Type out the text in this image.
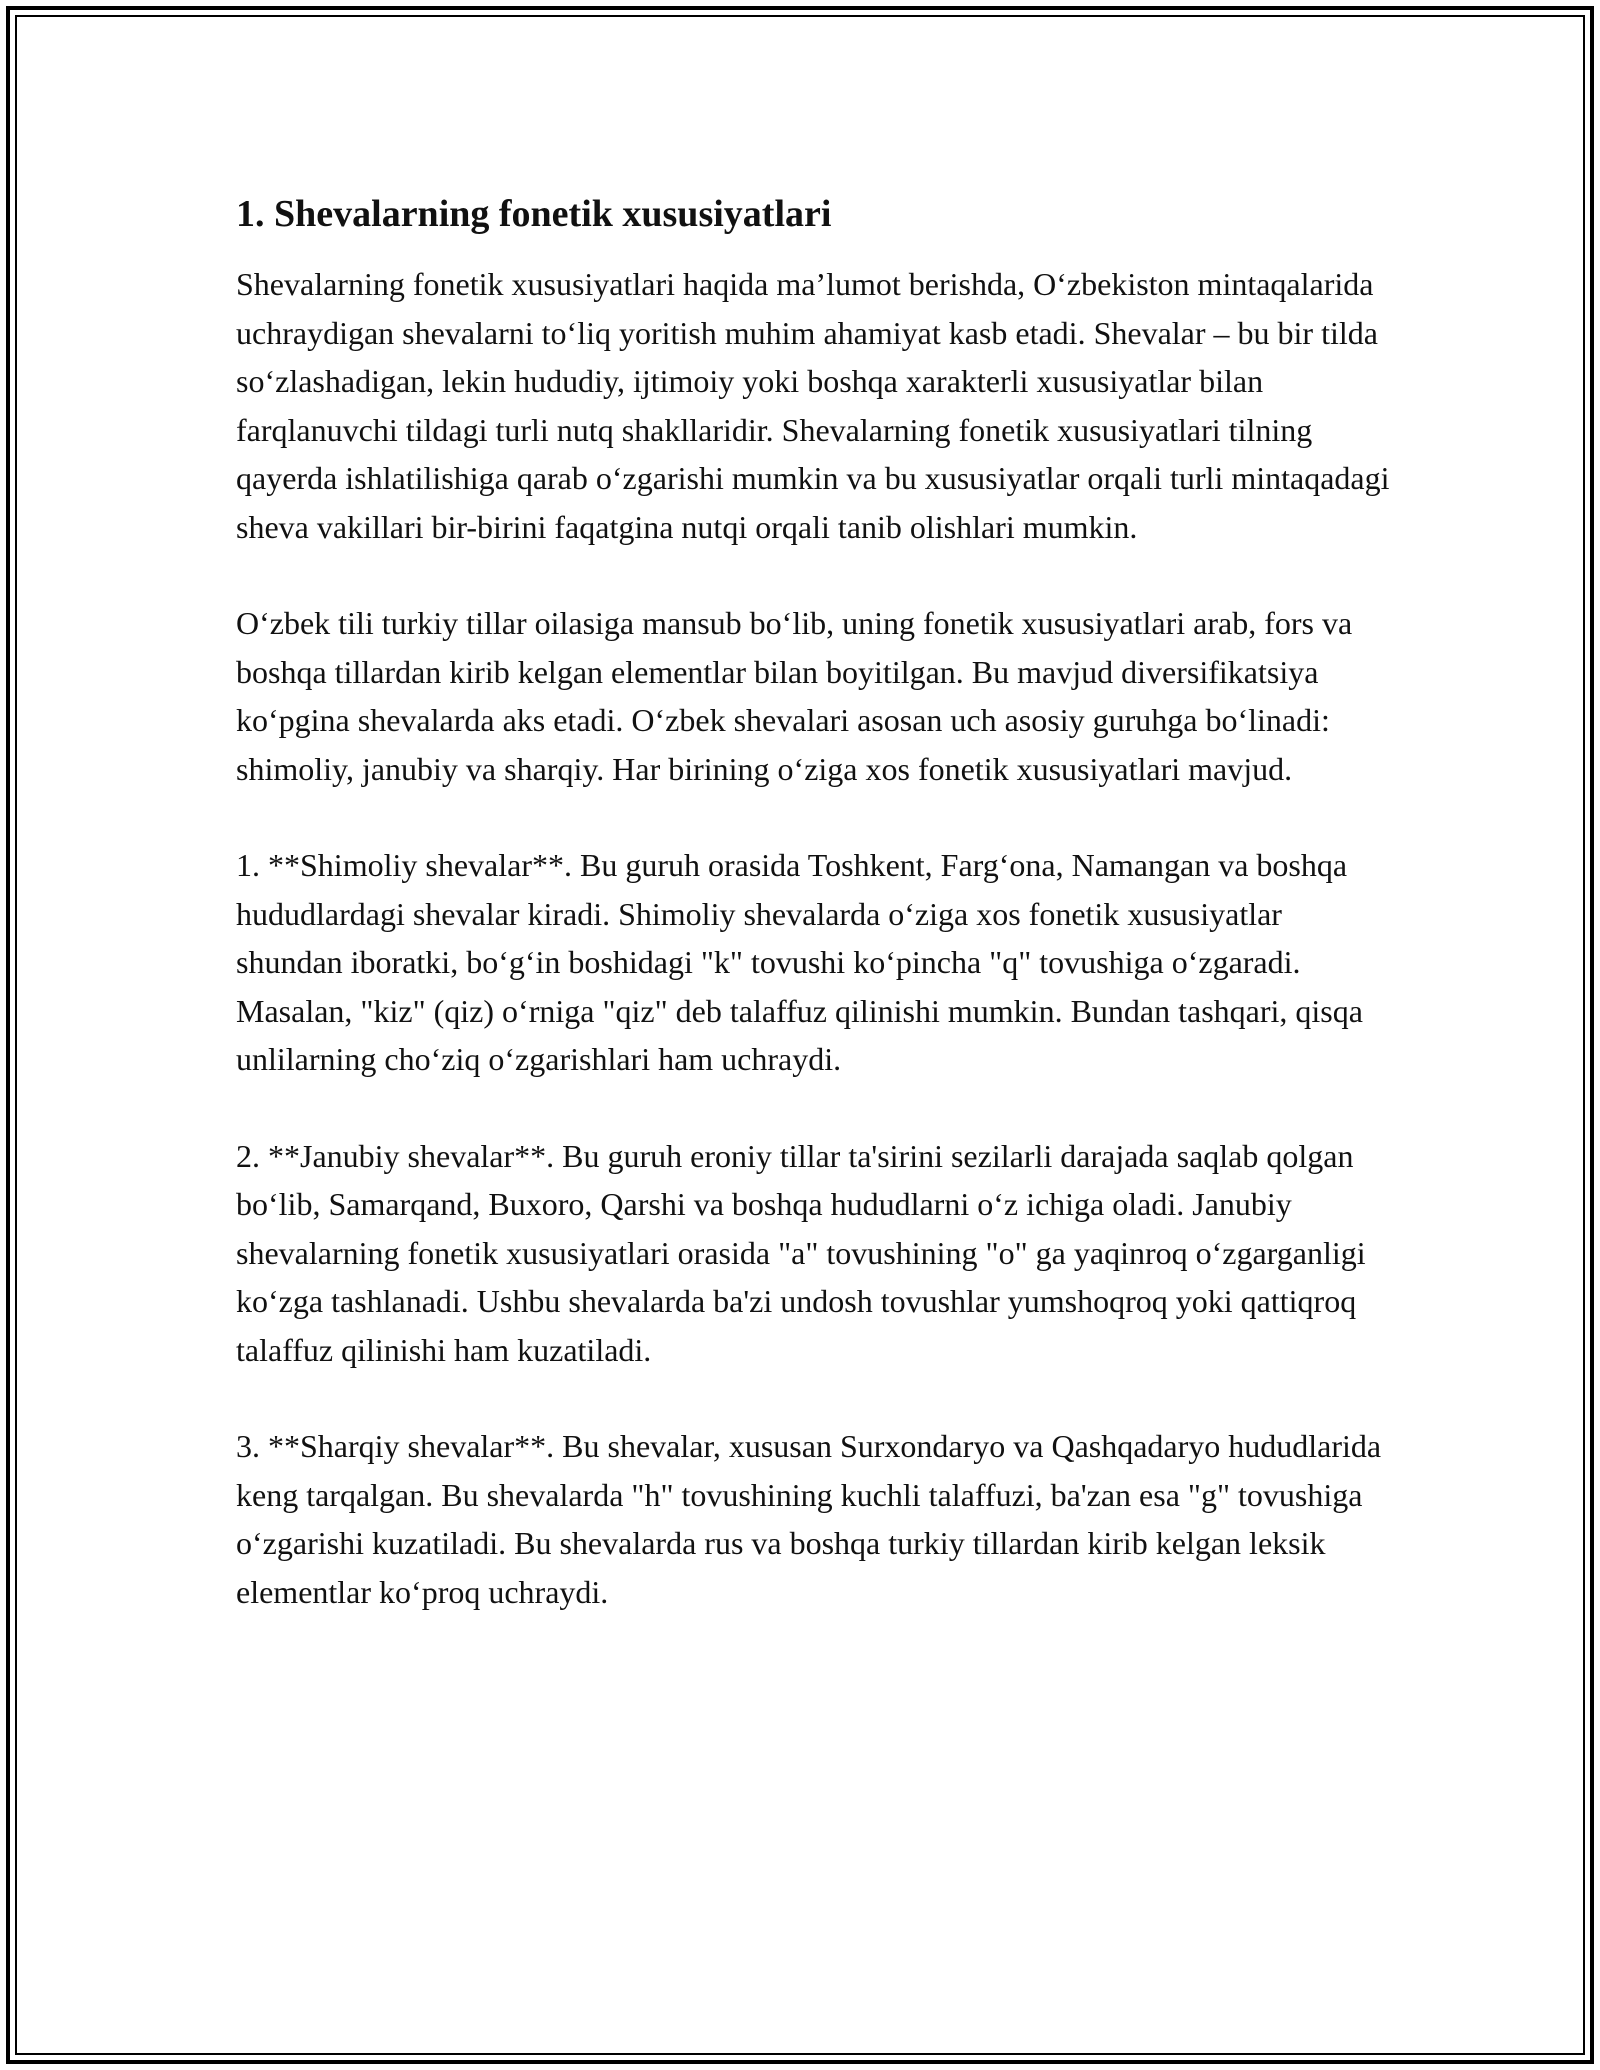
1. Shevalarning fonetik xususiyatlari

Shevalarning fonetik xususiyatlari haqida ma’lumot berishda, O‘zbekiston mintaqalarida uchraydigan shevalarni to‘liq yoritish muhim ahamiyat kasb etadi. Shevalar – bu bir tilda so‘zlashadigan, lekin hududiy, ijtimoiy yoki boshqa xarakterli xususiyatlar bilan farqlanuvchi tildagi turli nutq shakllaridir. Shevalarning fonetik xususiyatlari tilning qayerda ishlatilishiga qarab o‘zgarishi mumkin va bu xususiyatlar orqali turli mintaqadagi sheva vakillari bir-birini faqatgina nutqi orqali tanib olishlari mumkin.

O‘zbek tili turkiy tillar oilasiga mansub bo‘lib, uning fonetik xususiyatlari arab, fors va boshqa tillardan kirib kelgan elementlar bilan boyitilgan. Bu mavjud diversifikatsiya ko‘pgina shevalarda aks etadi. O‘zbek shevalari asosan uch asosiy guruhga bo‘linadi: shimoliy, janubiy va sharqiy. Har birining o‘ziga xos fonetik xususiyatlari mavjud.

1. **Shimoliy shevalar**. Bu guruh orasida Toshkent, Farg‘ona, Namangan va boshqa hududlardagi shevalar kiradi. Shimoliy shevalarda o‘ziga xos fonetik xususiyatlar shundan iboratki, bo‘g‘in boshidagi "k" tovushi ko‘pincha "q" tovushiga o‘zgaradi. Masalan, "kiz" (qiz) o‘rniga "qiz" deb talaffuz qilinishi mumkin. Bundan tashqari, qisqa unlilarning cho‘ziq o‘zgarishlari ham uchraydi.

2. **Janubiy shevalar**. Bu guruh eroniy tillar ta'sirini sezilarli darajada saqlab qolgan bo‘lib, Samarqand, Buxoro, Qarshi va boshqa hududlarni o‘z ichiga oladi. Janubiy shevalarning fonetik xususiyatlari orasida "a" tovushining "o" ga yaqinroq o‘zgarganligi ko‘zga tashlanadi. Ushbu shevalarda ba'zi undosh tovushlar yumshoqroq yoki qattiqroq talaffuz qilinishi ham kuzatiladi.

3. **Sharqiy shevalar**. Bu shevalar, xususan Surxondaryo va Qashqadaryo hududlarida keng tarqalgan. Bu shevalarda "h" tovushining kuchli talaffuzi, ba'zan esa "g" tovushiga o‘zgarishi kuzatiladi. Bu shevalarda rus va boshqa turkiy tillardan kirib kelgan leksik elementlar ko‘proq uchraydi.
